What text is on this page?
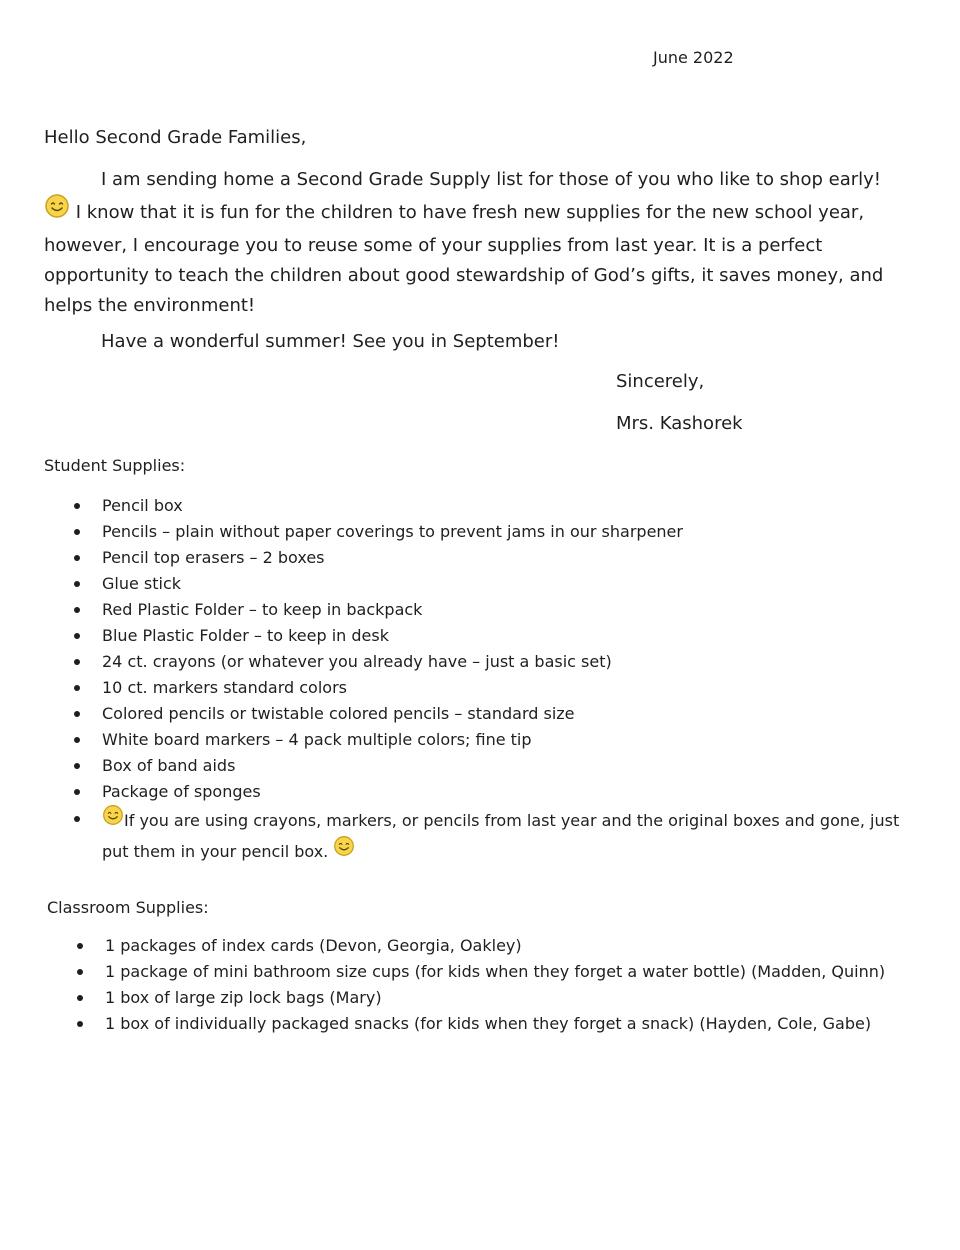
June 2022
Hello Second Grade Families,

I am sending home a Second Grade Supply list for those of you who like to shop early!
I know that it is fun for the children to have fresh new supplies for the new school year, however, I encourage you to reuse some of your supplies from last year. It is a perfect opportunity to teach the children about good stewardship of God’s gifts, it saves money, and helps the environment!

Have a wonderful summer! See you in September!

Sincerely,
Mrs. Kashorek
Student Supplies:
Pencil box
Pencils – plain without paper coverings to prevent jams in our sharpener
Pencil top erasers – 2 boxes
Glue stick
Red Plastic Folder – to keep in backpack
Blue Plastic Folder – to keep in desk
24 ct. crayons (or whatever you already have – just a basic set)
10 ct. markers standard colors
Colored pencils or twistable colored pencils – standard size
White board markers – 4 pack multiple colors; fine tip
Box of band aids
Package of sponges
If you are using crayons, markers, or pencils from last year and the original boxes and gone, just put them in your pencil box.
Classroom Supplies:
1 packages of index cards (Devon, Georgia, Oakley)
1 package of mini bathroom size cups (for kids when they forget a water bottle) (Madden, Quinn)
1 box of large zip lock bags (Mary)
1 box of individually packaged snacks (for kids when they forget a snack) (Hayden, Cole, Gabe)
